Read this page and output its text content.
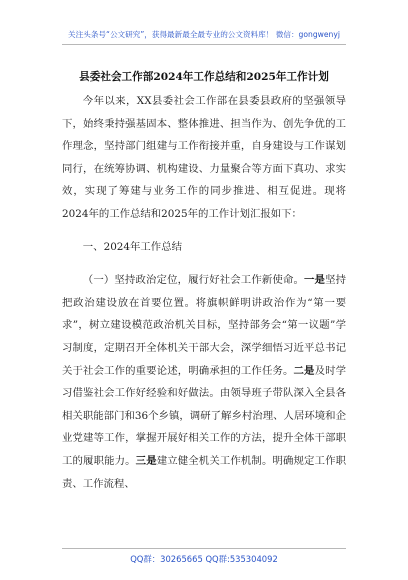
关注头条号“公文研究”，获得最新最全最专业的公文资料库！ 微信：gongwenyj
县委社会工作部2024年工作总结和2025年工作计划

今年以来，XX县委社会工作部在县委县政府的坚强领导下，始终秉持强基固本、整体推进、担当作为、创先争优的工作理念，坚持部门组建与工作衔接并重，自身建设与工作谋划同行，在统筹协调、机构建设、力量聚合等方面下真功、求实效，实现了筹建与业务工作的同步推进、相互促进。现将2024年的工作总结和2025年的工作计划汇报如下：

一、2024年工作总结

（一）坚持政治定位，履行好社会工作新使命。一是坚持把政治建设放在首要位置。将旗帜鲜明讲政治作为“第一要求”，树立建设模范政治机关目标，坚持部务会“第一议题”学习制度，定期召开全体机关干部大会，深学细悟习近平总书记关于社会工作的重要论述，明确承担的工作任务。二是及时学习借鉴社会工作好经验和好做法。由领导班子带队深入全县各相关职能部门和36个乡镇，调研了解乡村治理、人居环境和企业党建等工作，掌握开展好相关工作的方法，提升全体干部职工的履职能力。三是建立健全机关工作机制。明确规定工作职责、工作流程、

QQ群：30265665 QQ群:535304092
